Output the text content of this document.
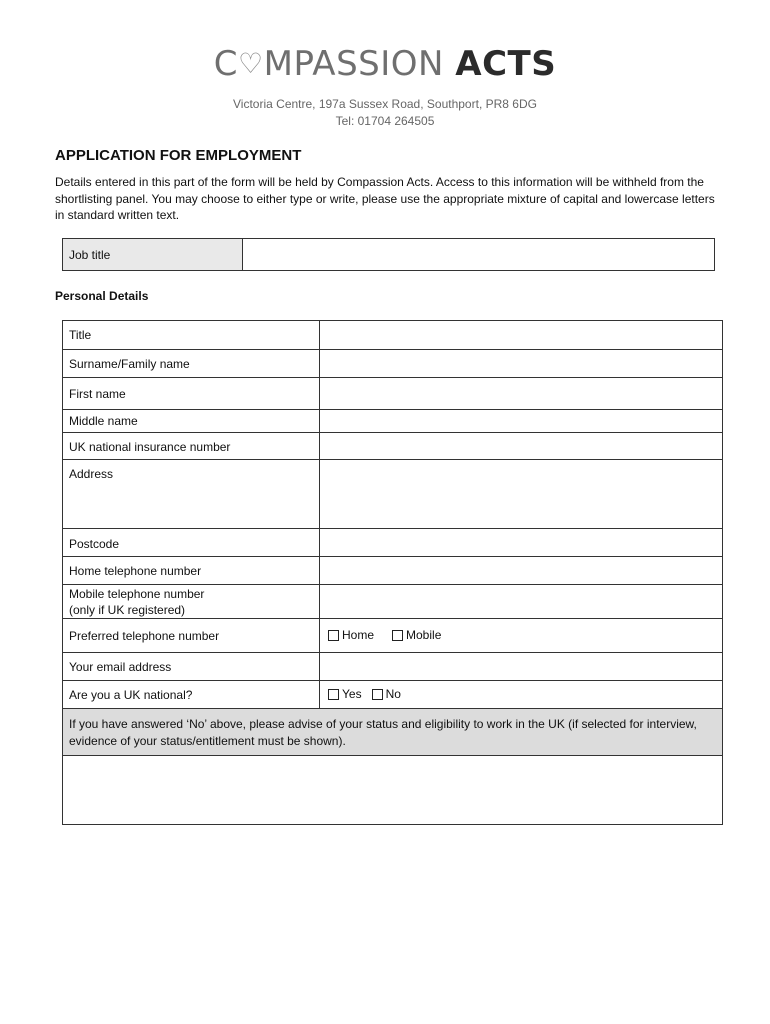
C♡MPASSION ACTS
Victoria Centre, 197a Sussex Road, Southport, PR8 6DG
Tel: 01704 264505
APPLICATION FOR EMPLOYMENT
Details entered in this part of the form will be held by Compassion Acts. Access to this information will be withheld from the shortlisting panel. You may choose to either type or write, please use the appropriate mixture of capital and lowercase letters in standard written text.
Job title
Personal Details
Title
Surname/Family name
First name
Middle name
UK national insurance number
Address
Postcode
Home telephone number
Mobile telephone number
(only if UK registered)
Preferred telephone number	Home	Mobile
Your email address
Are you a UK national?	Yes No
If you have answered ‘No’ above, please advise of your status and eligibility to work in the UK (if selected for interview, evidence of your status/entitlement must be shown).
